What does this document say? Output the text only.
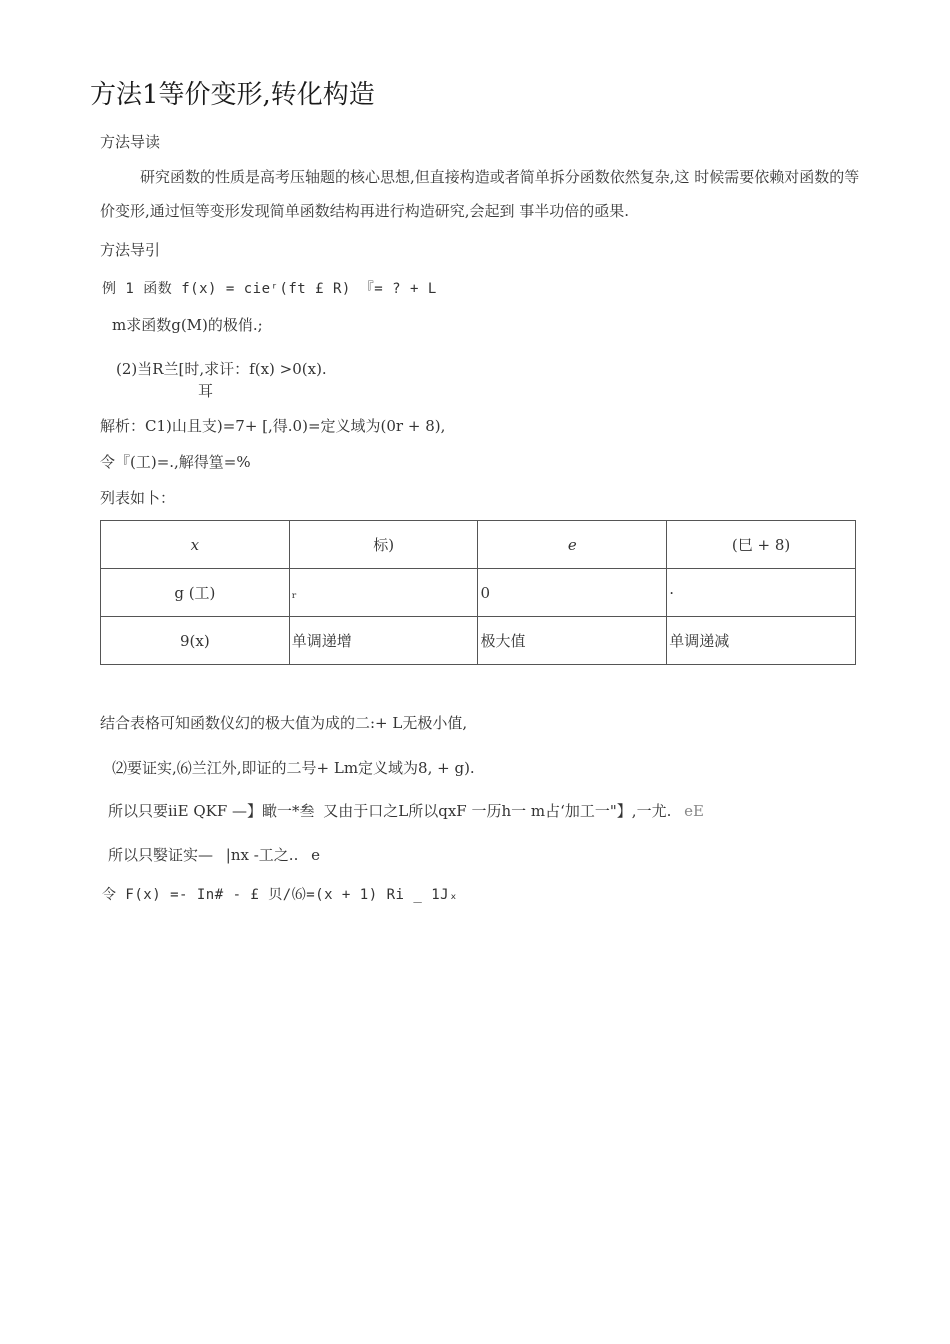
方法1等价变形,转化构造
方法导读
研究函数的性质是高考压轴题的核心思想,但直接构造或者简单拆分函数依然复杂,这 时候需要依赖对函数的等价变形,通过恒等变形发现简单函数结构再进行构造研究,会起到 事半功倍的亟果.
方法导引
例 1 函数 f(x) = cieʳ(ft £ R) 『= ? + L
m求函数g(M)的极俏.;
(2)当R兰[时,求讦：f(x) >0(x).
耳
解析：C1)山且支)=7+ [,得.0)=定义域为(0r + 8),
令『(工)=.,解得篁=%
列表如卜：
x	标)	e	(巳 + 8)
g (工)	ᵣ	0	·
9(x)	单调递增	极大值	单调递减
结合表格可知函数仪幻的极大值为成的二:+ L无极小值,
⑵要证实,⑹兰江外,即证的二号+ Lm定义域为8, + g).
所以只要iiE QKF —】瞰一*叁 又由于口之L所以qxF 一历h一 m占‘加工一"】,一尤. eE
所以只嫛证实— |nx -工之.. e
令 F(x) =- In# - £ 贝/⑹=(x + 1) Ri _ 1Jₓ
